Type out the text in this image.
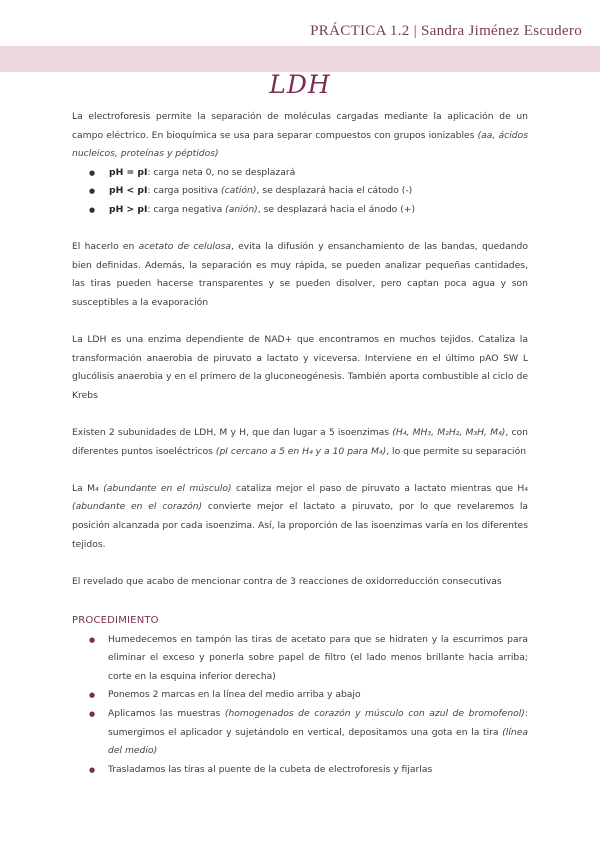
PRÁCTICA 1.2 | Sandra Jiménez Escudero
LDH

La electroforesis permite la separación de moléculas cargadas mediante la aplicación de un campo eléctrico. En bioquímica se usa para separar compuestos con grupos ionizables (aa, ácidos nucleicos, proteínas y péptidos)

● pH = pI: carga neta 0, no se desplazará
● pH < pI: carga positiva (catión), se desplazará hacia el cátodo (-)
● pH > pI: carga negativa (anión), se desplazará hacia el ánodo (+)

El hacerlo en acetato de celulosa, evita la difusión y ensanchamiento de las bandas, quedando bien definidas. Además, la separación es muy rápida, se pueden analizar pequeñas cantidades, las tiras pueden hacerse transparentes y se pueden disolver, pero captan poca agua y son susceptibles a la evaporación

La LDH es una enzima dependiente de NAD+ que encontramos en muchos tejidos. Cataliza la transformación anaerobia de piruvato a lactato y viceversa. Interviene en el último pAO SW L glucólisis anaerobia y en el primero de la gluconeogénesis. También aporta combustible al ciclo de Krebs

Existen 2 subunidades de LDH, M y H, que dan lugar a 5 isoenzimas (H₄, MH₃, M₂H₂, M₃H, M₄), con diferentes puntos isoeléctricos (pI cercano a 5 en H₄ y a 10 para M₄), lo que permite su separación

La M₄ (abundante en el músculo) cataliza mejor el paso de piruvato a lactato mientras que H₄ (abundante en el corazón) convierte mejor el lactato a piruvato, por lo que revelaremos la posición alcanzada por cada isoenzima. Así, la proporción de las isoenzimas varía en los diferentes tejidos.

El revelado que acabo de mencionar contra de 3 reacciones de oxidorreducción consecutivas

PROCEDIMIENTO
● Humedecemos en tampón las tiras de acetato para que se hidraten y la escurrimos para eliminar el exceso y ponerla sobre papel de filtro (el lado menos brillante hacia arriba; corte en la esquina inferior derecha)
● Ponemos 2 marcas en la línea del medio arriba y abajo
● Aplicamos las muestras (homogenados de corazón y músculo con azul de bromofenol): sumergimos el aplicador y sujetándolo en vertical, depositamos una gota en la tira (línea del medio)
● Trasladamos las tiras al puente de la cubeta de electroforesis y fijarlas
